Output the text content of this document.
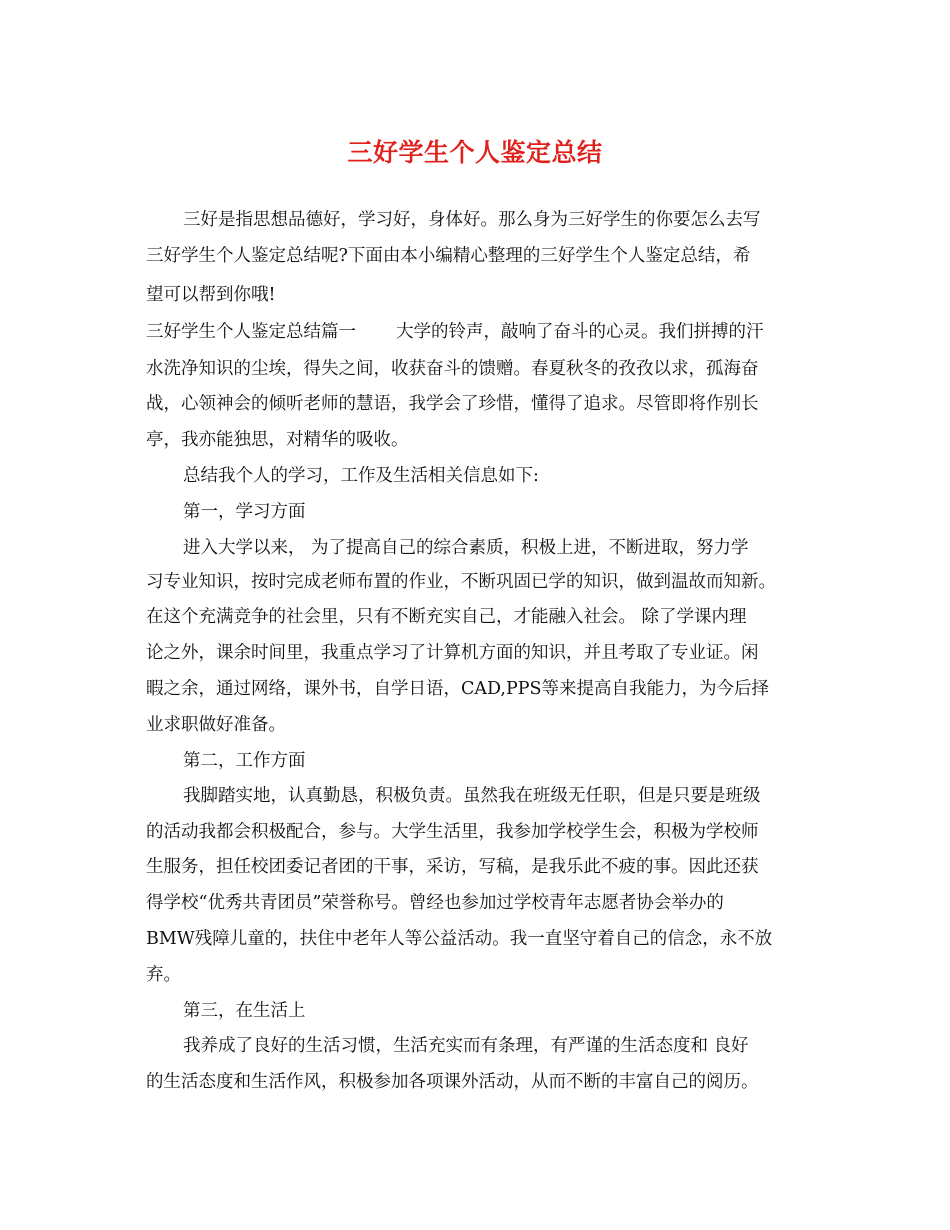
三好学生个人鉴定总结
三好是指思想品德好，学习好，身体好。那么身为三好学生的你要怎么去写
三好学生个人鉴定总结呢?下面由本小编精心整理的三好学生个人鉴定总结，希
望可以帮到你哦!
三好学生个人鉴定总结篇一 大学的铃声，敲响了奋斗的心灵。我们拼搏的汗
水洗净知识的尘埃，得失之间，收获奋斗的馈赠。春夏秋冬的孜孜以求，孤海奋
战，心领神会的倾听老师的慧语，我学会了珍惜，懂得了追求。尽管即将作别长
亭，我亦能独思，对精华的吸收。
总结我个人的学习，工作及生活相关信息如下:
第一，学习方面
进入大学以来， 为了提高自己的综合素质，积极上进，不断进取，努力学
习专业知识，按时完成老师布置的作业，不断巩固已学的知识，做到温故而知新。
在这个充满竞争的社会里，只有不断充实自己，才能融入社会。 除了学课内理
论之外，课余时间里，我重点学习了计算机方面的知识，并且考取了专业证。闲
暇之余，通过网络，课外书，自学日语，CAD,PPS等来提高自我能力，为今后择
业求职做好准备。
第二，工作方面
我脚踏实地，认真勤恳，积极负责。虽然我在班级无任职，但是只要是班级
的活动我都会积极配合，参与。大学生活里，我参加学校学生会，积极为学校师
生服务，担任校团委记者团的干事，采访，写稿，是我乐此不疲的事。因此还获
得学校“优秀共青团员”荣誉称号。曾经也参加过学校青年志愿者协会举办的
BMW残障儿童的，扶住中老年人等公益活动。我一直坚守着自己的信念，永不放
弃。
第三，在生活上
我养成了良好的生活习惯，生活充实而有条理，有严谨的生活态度和 良好
的生活态度和生活作风，积极参加各项课外活动，从而不断的丰富自己的阅历。
